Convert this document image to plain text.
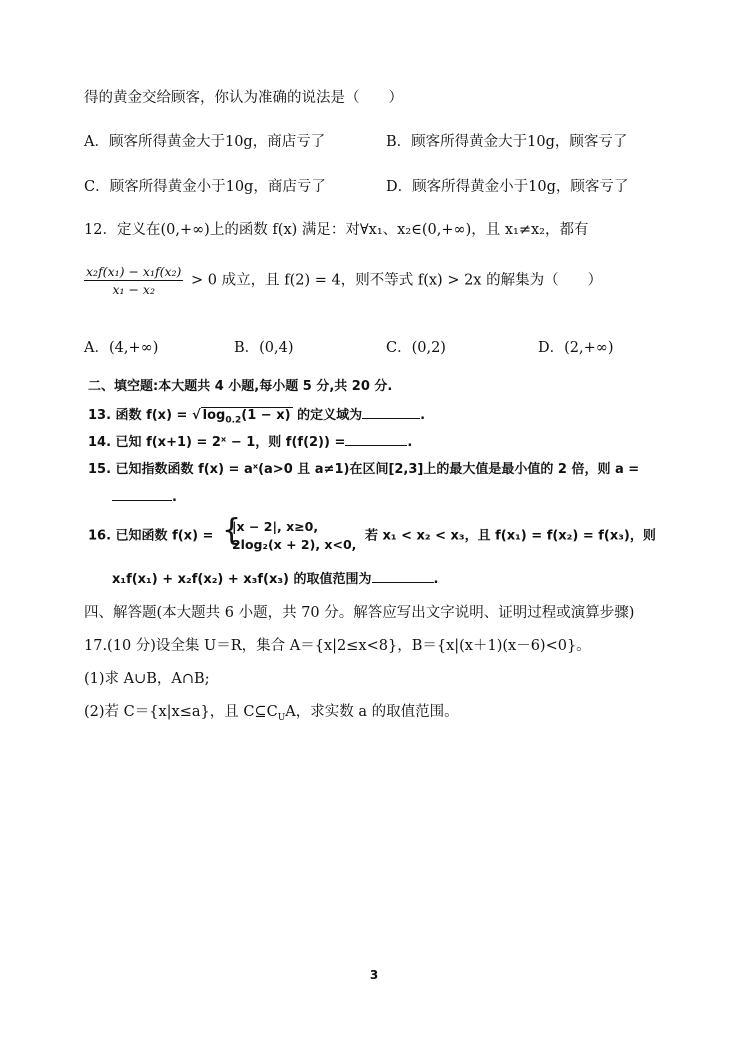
得的黄金交给顾客，你认为准确的说法是（　　）
A．顾客所得黄金大于10g，商店亏了	B．顾客所得黄金大于10g，顾客亏了
C．顾客所得黄金小于10g，商店亏了	D．顾客所得黄金小于10g，顾客亏了
12．定义在(0,+∞)上的函数 f(x) 满足：对∀x₁、x₂∈(0,+∞)，且 x₁≠x₂，都有
$\frac{\text{x₂f(x₁) − x₁f(x₂)}}{\text{x₁ − x₂}} > 0$ 成立，且 f(2) = 4，则不等式 f(x) > 2x 的解集为（　　）
A．(4,+∞)	B．(0,4)	C．(0,2)	D．(2,+∞)
二、填空题:本大题共 4 小题,每小题 5 分,共 20 分.
13. 函数 f(x) = √ $\log_{0.2}(1 - x)$ 的定义域为	.
14. 已知 f(x+1) = 2ˣ − 1，则 f(f(2)) =	.
15. 已知指数函数 f(x) = aˣ(a>0 且 a≠1)在区间[2,3]上的最大值是最小值的 2 倍，则 a =
.
16. 已知函数 f(x) = {
|x − 2|, x≥0,
2log₂(x + 2), x<0,
若 x₁ < x₂ < x₃，且 f(x₁) = f(x₂) = f(x₃)，则
x₁f(x₁) + x₂f(x₂) + x₃f(x₃) 的取值范围为	.
四、解答题(本大题共 6 小题，共 70 分。解答应写出文字说明、证明过程或演算步骤)
17.(10 分)设全集 U＝R，集合 A＝{x|2≤x<8}，B＝{x|(x＋1)(x－6)<0}。
(1)求 A∪B，A∩B;
(2)若 C＝{x|x≤a}，且 $C⊆C_UA$，求实数 a 的取值范围。
3
